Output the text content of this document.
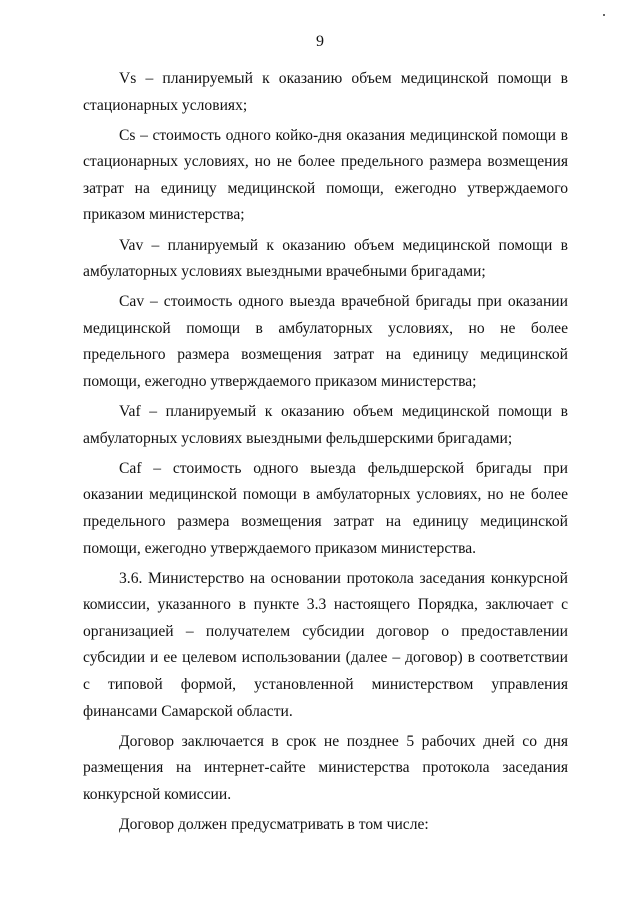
9

Vs – планируемый к оказанию объем медицинской помощи в стационарных условиях;

Cs – стоимость одного койко-дня оказания медицинской помощи в стационарных условиях, но не более предельного размера возмещения затрат на единицу медицинской помощи, ежегодно утверждаемого приказом министерства;

Vav – планируемый к оказанию объем медицинской помощи в амбулаторных условиях выездными врачебными бригадами;

Cav – стоимость одного выезда врачебной бригады при оказании медицинской помощи в амбулаторных условиях, но не более предельного размера возмещения затрат на единицу медицинской помощи, ежегодно утверждаемого приказом министерства;

Vaf – планируемый к оказанию объем медицинской помощи в амбулаторных условиях выездными фельдшерскими бригадами;

Caf – стоимость одного выезда фельдшерской бригады при оказании медицинской помощи в амбулаторных условиях, но не более предельного размера возмещения затрат на единицу медицинской помощи, ежегодно утверждаемого приказом министерства.

3.6. Министерство на основании протокола заседания конкурсной комиссии, указанного в пункте 3.3 настоящего Порядка, заключает с организацией – получателем субсидии договор о предоставлении субсидии и ее целевом использовании (далее – договор) в соответствии с типовой формой, установленной министерством управления финансами Самарской области.

Договор заключается в срок не позднее 5 рабочих дней со дня размещения на интернет-сайте министерства протокола заседания конкурсной комиссии.

Договор должен предусматривать в том числе:
